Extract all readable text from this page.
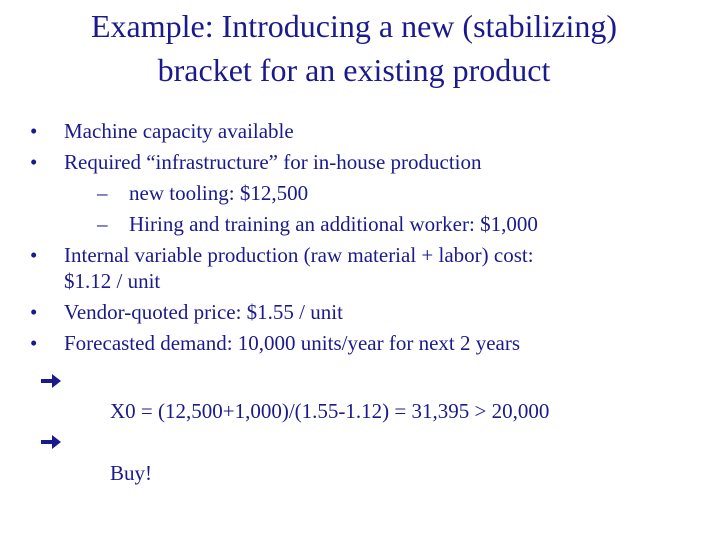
Example: Introducing a new (stabilizing)
bracket for an existing product
•	Machine capacity available
•	Required “infrastructure” for in-house production
– new tooling: $12,500
– Hiring and training an additional worker: $1,000
•	Internal variable production (raw material + labor) cost:
$1.12 / unit
•	Vendor-quoted price: $1.55 / unit
•	Forecasted demand: 10,000 units/year for next 2 years
X0 = (12,500+1,000)/(1.55-1.12) = 31,395 > 20,000
Buy!
